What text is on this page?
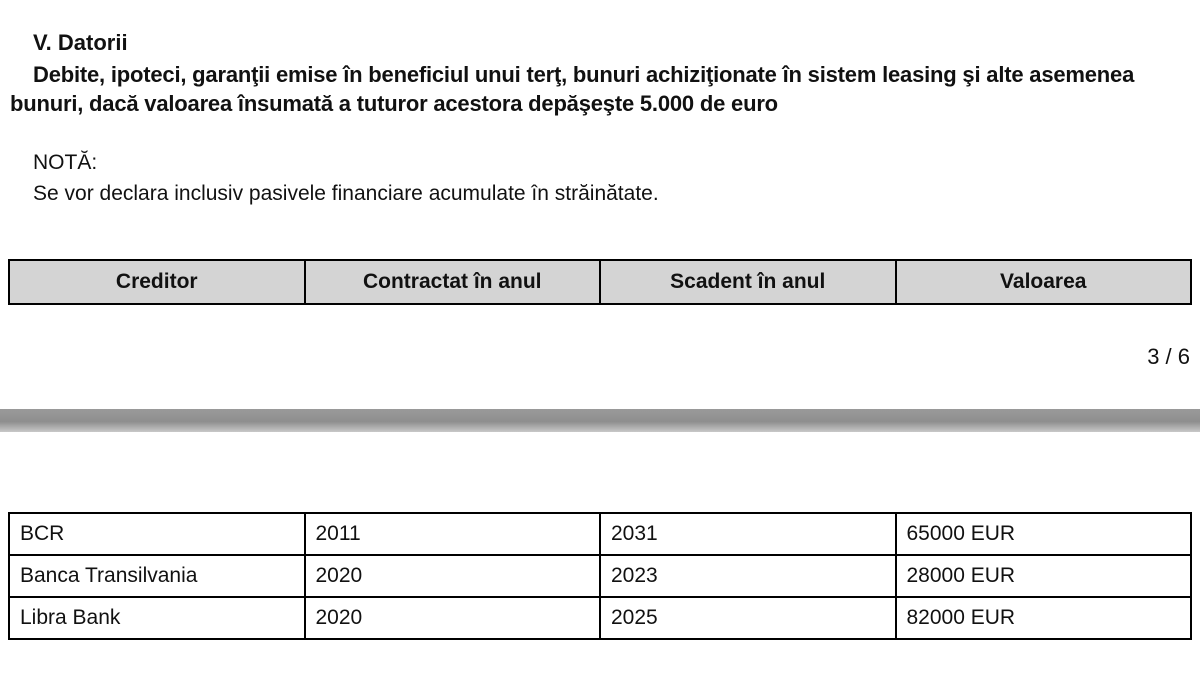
V. Datorii
Debite, ipoteci, garanţii emise în beneficiul unui terţ, bunuri achiziţionate în sistem leasing şi alte asemenea bunuri, dacă valoarea însumată a tuturor acestora depăşeşte 5.000 de euro
NOTĂ:
Se vor declara inclusiv pasivele financiare acumulate în străinătate.
Creditor	Contractat în anul	Scadent în anul	Valoarea
3 / 6
BCR	2011	2031	65000 EUR
Banca Transilvania	2020	2023	28000 EUR
Libra Bank	2020	2025	82000 EUR
